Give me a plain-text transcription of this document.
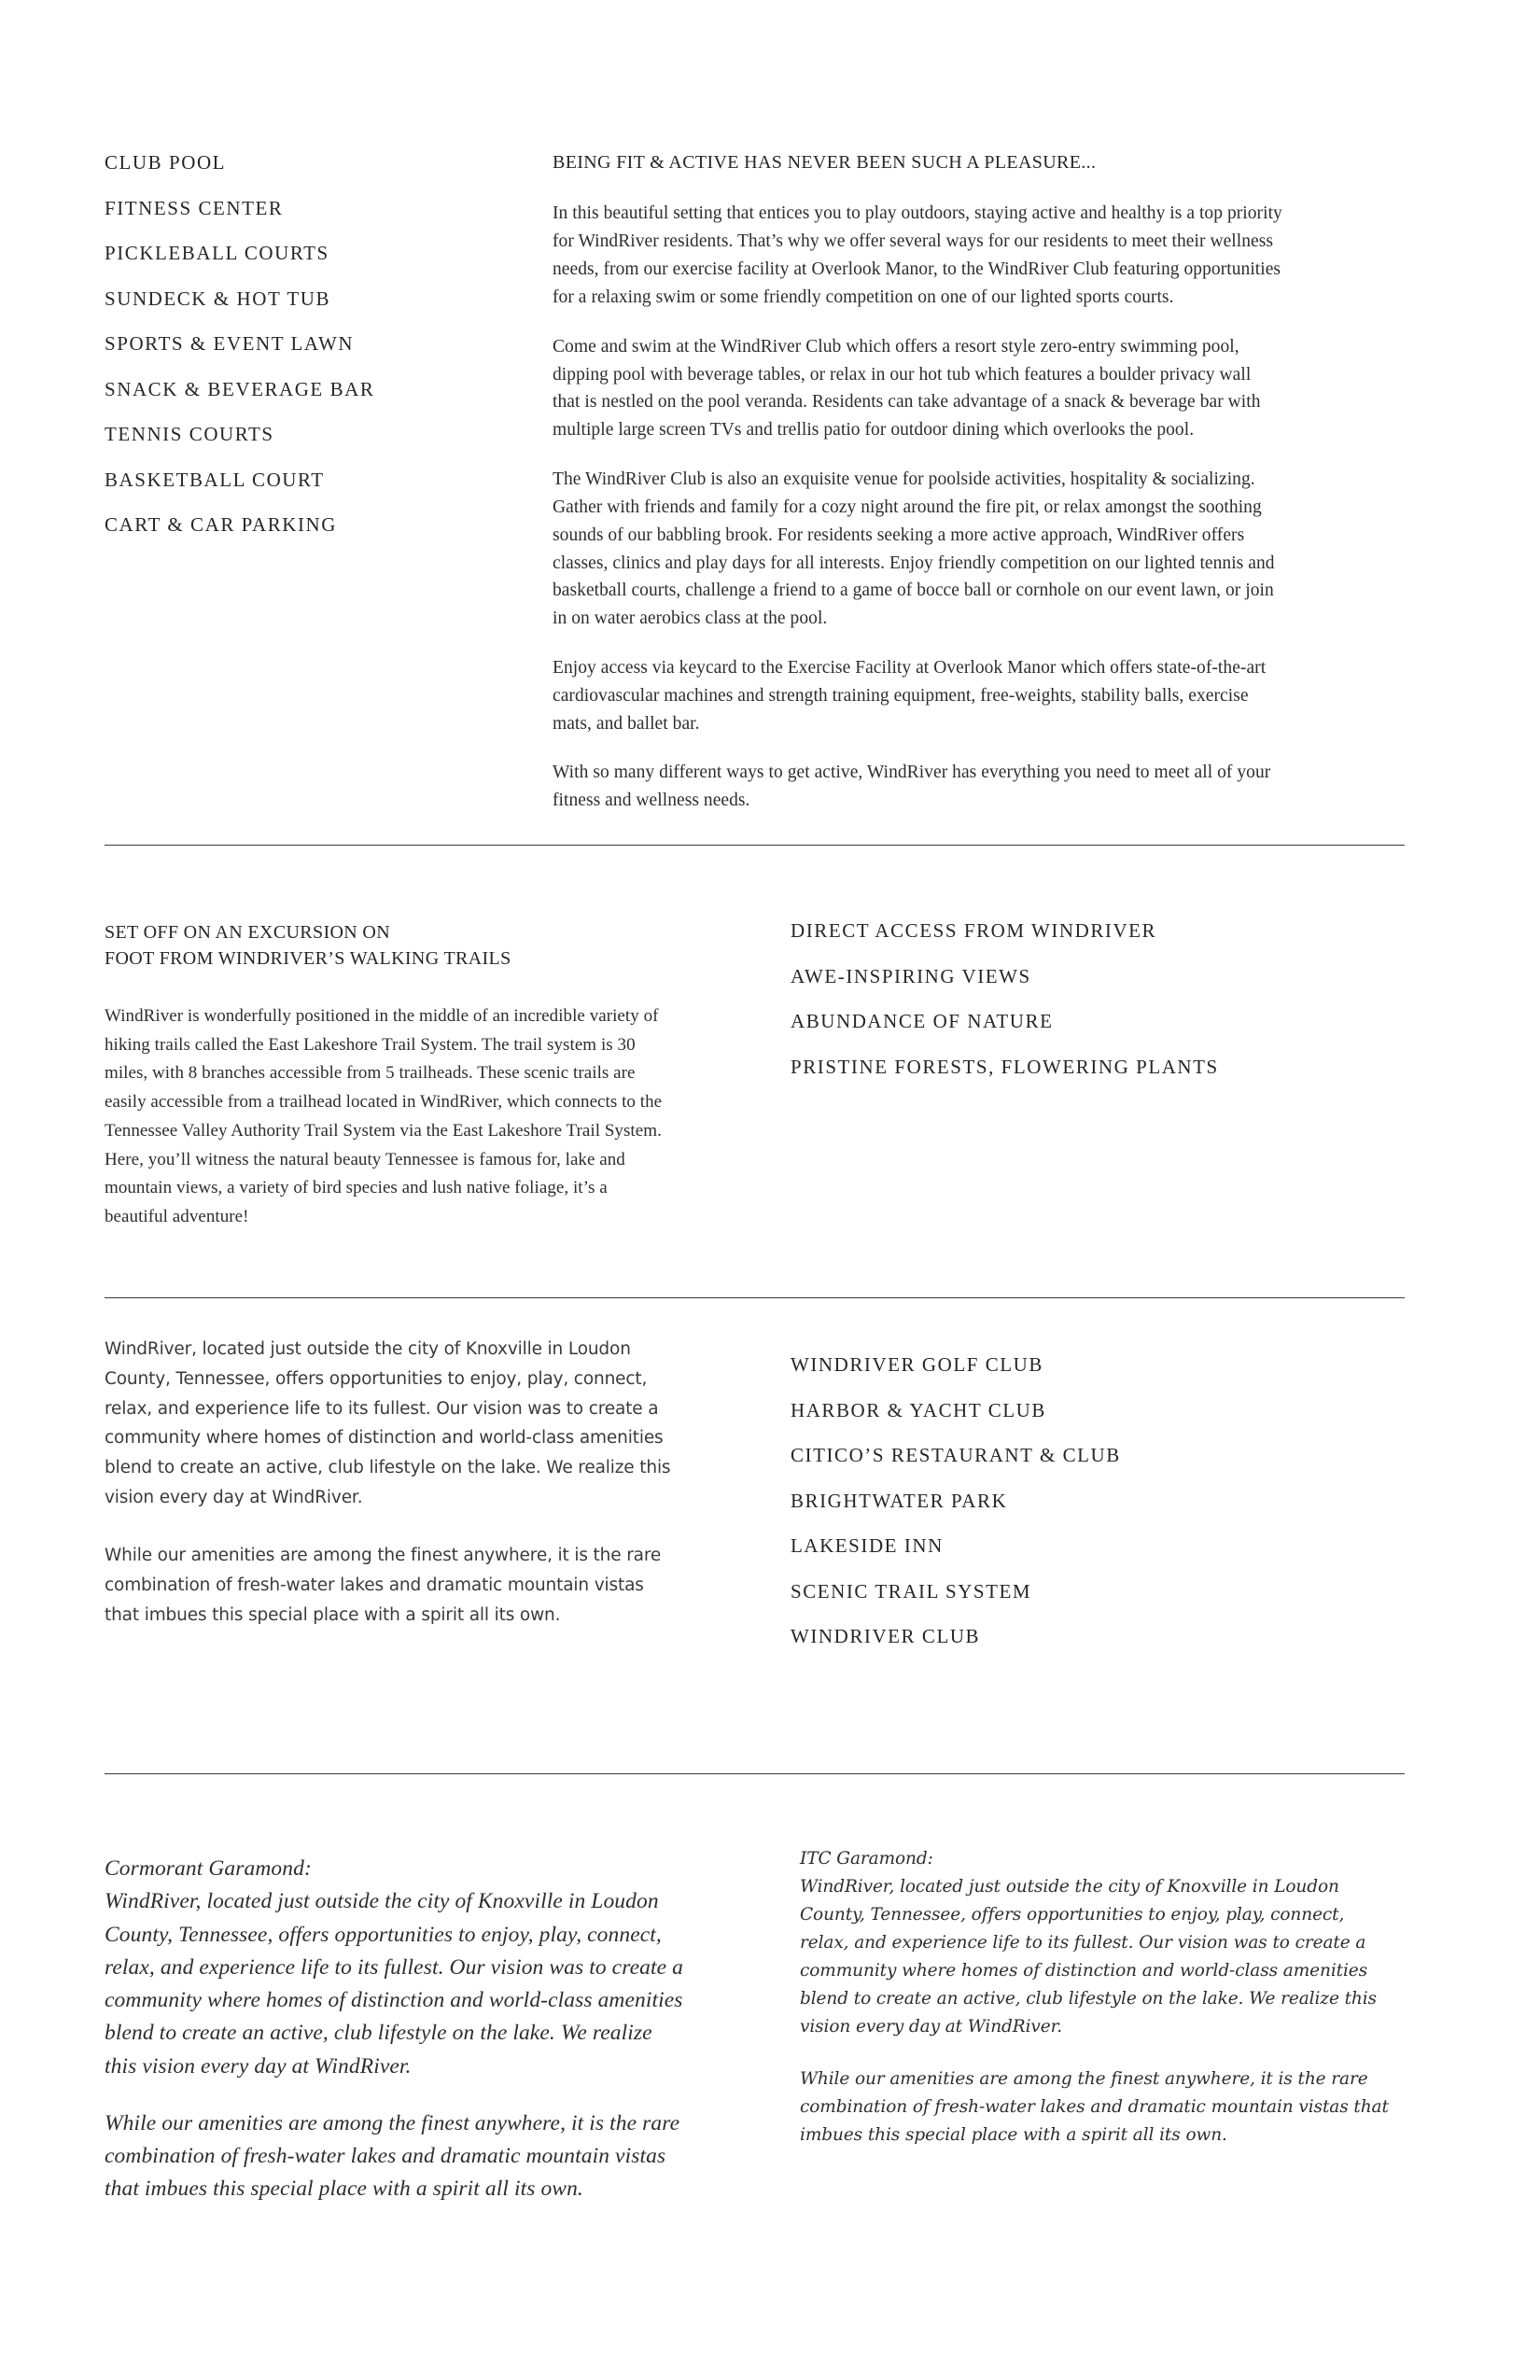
CLUB POOL
FITNESS CENTER
PICKLEBALL COURTS
SUNDECK & HOT TUB
SPORTS & EVENT LAWN
SNACK & BEVERAGE BAR
TENNIS COURTS
BASKETBALL COURT
CART & CAR PARKING
BEING FIT & ACTIVE HAS NEVER BEEN SUCH A PLEASURE...

In this beautiful setting that entices you to play outdoors, staying active and healthy is a top priority for WindRiver residents. That’s why we offer several ways for our residents to meet their wellness needs, from our exercise facility at Overlook Manor, to the WindRiver Club featuring opportunities for a relaxing swim or some friendly competition on one of our lighted sports courts.

Come and swim at the WindRiver Club which offers a resort style zero-entry swimming pool, dipping pool with beverage tables, or relax in our hot tub which features a boulder privacy wall that is nestled on the pool veranda. Residents can take advantage of a snack & beverage bar with multiple large screen TVs and trellis patio for outdoor dining which overlooks the pool.

The WindRiver Club is also an exquisite venue for poolside activities, hospitality & socializing. Gather with friends and family for a cozy night around the fire pit, or relax amongst the soothing sounds of our babbling brook. For residents seeking a more active approach, WindRiver offers classes, clinics and play days for all interests. Enjoy friendly competition on our lighted tennis and basketball courts, challenge a friend to a game of bocce ball or cornhole on our event lawn, or join in on water aerobics class at the pool.

Enjoy access via keycard to the Exercise Facility at Overlook Manor which offers state-of-the-art cardiovascular machines and strength training equipment, free-weights, stability balls, exercise mats, and ballet bar.

With so many different ways to get active, WindRiver has everything you need to meet all of your fitness and wellness needs.

SET OFF ON AN EXCURSION ON
FOOT FROM WINDRIVER’S WALKING TRAILS

WindRiver is wonderfully positioned in the middle of an incredible variety of hiking trails called the East Lakeshore Trail System. The trail system is 30 miles, with 8 branches accessible from 5 trailheads. These scenic trails are easily accessible from a trailhead located in WindRiver, which connects to the Tennessee Valley Authority Trail System via the East Lakeshore Trail System. Here, you’ll witness the natural beauty Tennessee is famous for, lake and mountain views, a variety of bird species and lush native foliage, it’s a beautiful adventure!

DIRECT ACCESS FROM WINDRIVER
AWE-INSPIRING VIEWS
ABUNDANCE OF NATURE
PRISTINE FORESTS, FLOWERING PLANTS

WindRiver, located just outside the city of Knoxville in Loudon County, Tennessee, offers opportunities to enjoy, play, connect, relax, and experience life to its fullest. Our vision was to create a community where homes of distinction and world-class amenities blend to create an active, club lifestyle on the lake. We realize this vision every day at WindRiver.

While our amenities are among the finest anywhere, it is the rare combination of fresh-water lakes and dramatic mountain vistas that imbues this special place with a spirit all its own.

WINDRIVER GOLF CLUB
HARBOR & YACHT CLUB
CITICO’S RESTAURANT & CLUB
BRIGHTWATER PARK
LAKESIDE INN
SCENIC TRAIL SYSTEM
WINDRIVER CLUB

Cormorant Garamond:
WindRiver, located just outside the city of Knoxville in Loudon County, Tennessee, offers opportunities to enjoy, play, connect, relax, and experience life to its fullest. Our vision was to create a community where homes of distinction and world-class amenities blend to create an active, club lifestyle on the lake. We realize this vision every day at WindRiver.

While our amenities are among the finest anywhere, it is the rare combination of fresh-water lakes and dramatic mountain vistas that imbues this special place with a spirit all its own.

ITC Garamond:
WindRiver, located just outside the city of Knoxville in Loudon County, Tennessee, offers opportunities to enjoy, play, connect, relax, and experience life to its fullest. Our vision was to create a community where homes of distinction and world-class amenities blend to create an active, club lifestyle on the lake. We realize this vision every day at WindRiver.

While our amenities are among the finest anywhere, it is the rare combination of fresh-water lakes and dramatic mountain vistas that imbues this special place with a spirit all its own.
